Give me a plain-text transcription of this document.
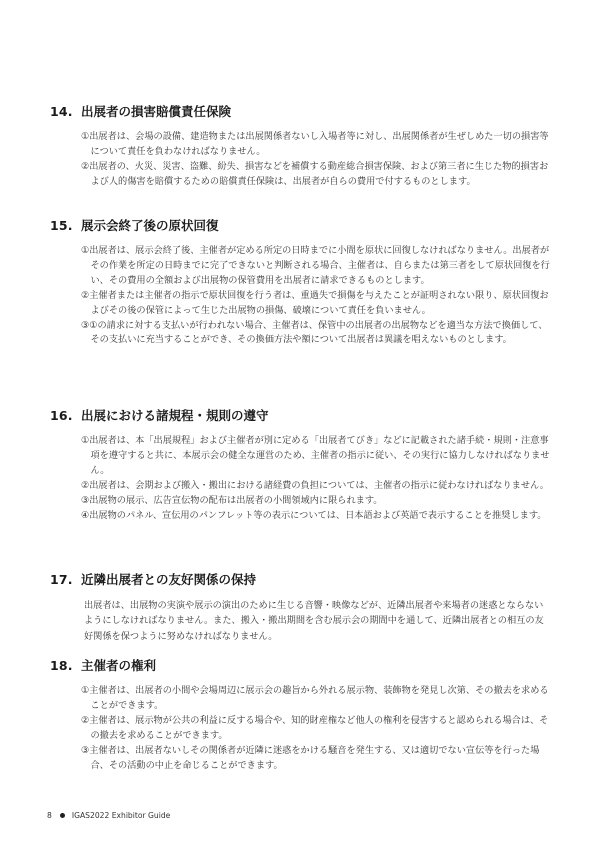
14. 出展者の損害賠償責任保険

①出展者は、会場の設備、建造物または出展関係者ないし入場者等に対し、出展関係者が生ぜしめた一切の損害等について責任を負わなければなりません。

②出展者の、火災、災害、盗難、紛失、損害などを補償する動産総合損害保険、および第三者に生じた物的損害および人的傷害を賠償するための賠償責任保険は、出展者が自らの費用で付するものとします。

15. 展示会終了後の原状回復

①出展者は、展示会終了後、主催者が定める所定の日時までに小間を原状に回復しなければなりません。出展者がその作業を所定の日時までに完了できないと判断される場合、主催者は、自らまたは第三者をして原状回復を行い、その費用の全額および出展物の保管費用を出展者に請求できるものとします。

②主催者または主催者の指示で原状回復を行う者は、重過失で損傷を与えたことが証明されない限り、原状回復およびその後の保管によって生じた出展物の損傷、破壊について責任を負いません。

③①の請求に対する支払いが行われない場合、主催者は、保管中の出展者の出展物などを適当な方法で換価して、その支払いに充当することができ、その換価方法や額について出展者は異議を唱えないものとします。

16. 出展における諸規程・規則の遵守

①出展者は、本「出展規程」および主催者が別に定める「出展者てびき」などに記載された諸手続・規則・注意事項を遵守すると共に、本展示会の健全な運営のため、主催者の指示に従い、その実行に協力しなければなりません。

②出展者は、会期および搬入・搬出における諸経費の負担については、主催者の指示に従わなければなりません。

③出展物の展示、広告宣伝物の配布は出展者の小間領域内に限られます。

④出展物のパネル、宣伝用のパンフレット等の表示については、日本語および英語で表示することを推奨します。

17. 近隣出展者との友好関係の保持

出展者は、出展物の実演や展示の演出のために生じる音響・映像などが、近隣出展者や来場者の迷惑とならないようにしなければなりません。また、搬入・搬出期間を含む展示会の期間中を通して、近隣出展者との相互の友好関係を保つように努めなければなりません。

18. 主催者の権利

①主催者は、出展者の小間や会場周辺に展示会の趣旨から外れる展示物、装飾物を発見し次第、その撤去を求めることができます。

②主催者は、展示物が公共の利益に反する場合や、知的財産権など他人の権利を侵害すると認められる場合は、その撤去を求めることができます。

③主催者は、出展者ないしその関係者が近隣に迷惑をかける騒音を発生する、又は適切でない宣伝等を行った場合、その活動の中止を命じることができます。

8	IGAS2022 Exhibitor Guide
